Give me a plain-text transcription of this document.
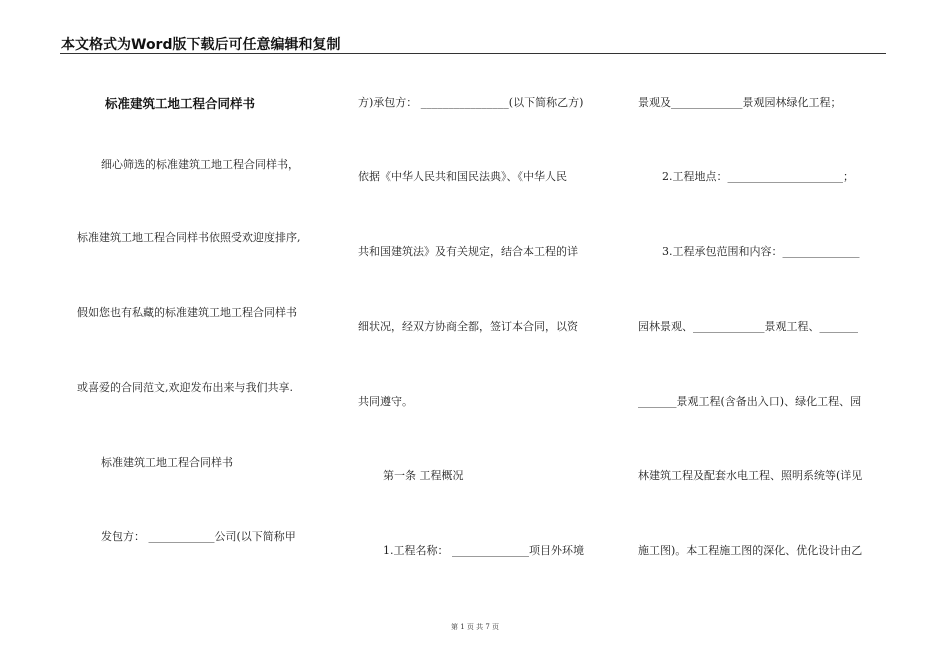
本文格式为Word版下载后可任意编辑和复制
标准建筑工地工程合同样书
细心筛选的标准建筑工地工程合同样书，
标准建筑工地工程合同样书依照受欢迎度排序,
假如您也有私藏的标准建筑工地工程合同样书
或喜爱的合同范文,欢迎发布出来与我们共享.
标准建筑工地工程合同样书
发包方： ____________公司(以下简称甲
方)承包方： ________________(以下简称乙方)
依据《中华人民共和国民法典》、《中华人民
共和国建筑法》及有关规定，结合本工程的详
细状况，经双方协商全都，签订本合同，以资
共同遵守。
第一条 工程概况
1.工程名称： ______________项目外环境
景观及_____________景观园林绿化工程；
2.工程地点：_____________________；
3.工程承包范围和内容：______________
园林景观、_____________景观工程、_______
_______景观工程(含备出入口)、绿化工程、园
林建筑工程及配套水电工程、照明系统等(详见
施工图)。本工程施工图的深化、优化设计由乙
第 1 页 共 7 页
